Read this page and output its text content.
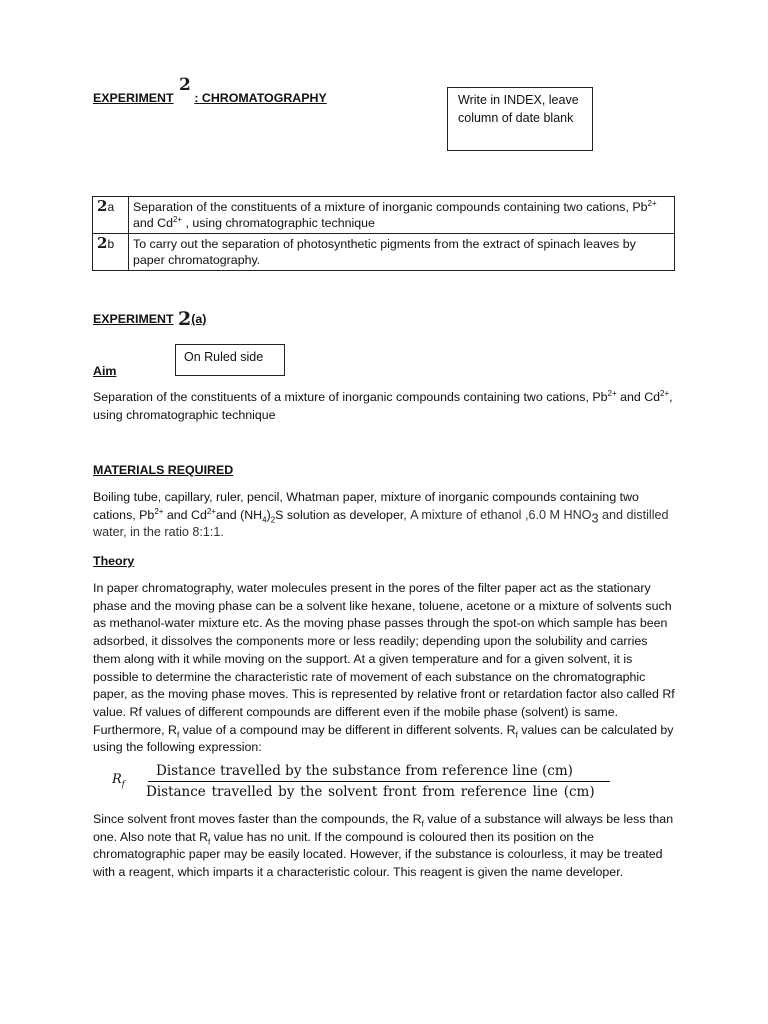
EXPERIMENT 2 : CHROMATOGRAPHY	Write in INDEX, leave column of date blank
2a	Separation of the constituents of a mixture of inorganic compounds containing two cations, $Pb^{2+}$ and $Cd^{2+}$ , using chromatographic technique
2b	To carry out the separation of photosynthetic pigments from the extract of spinach leaves by paper chromatography.
EXPERIMENT 2(a)
On Ruled side
Aim
Separation of the constituents of a mixture of inorganic compounds containing two cations, $Pb^{2+}$ and $Cd^{2+}$, using chromatographic technique
MATERIALS REQUIRED
Boiling tube, capillary, ruler, pencil, Whatman paper, mixture of inorganic compounds containing two cations, $Pb^{2+}$ and $Cd^{2+}and$ $(NH_4)_2S$ solution as developer, A mixture of ethanol ,6.0 M $HNO_3$ and distilled water, in the ratio 8:1:1.
Theory
In paper chromatography, water molecules present in the pores of the filter paper act as the stationary phase and the moving phase can be a solvent like hexane, toluene, acetone or a mixture of solvents such as methanol-water mixture etc. As the moving phase passes through the spot-on which sample has been adsorbed, it dissolves the components more or less readily; depending upon the solubility and carries them along with it while moving on the support. At a given temperature and for a given solvent, it is possible to determine the characteristic rate of movement of each substance on the chromatographic paper, as the moving phase moves. This is represented by relative front or retardation factor also called Rf value. Rf values of different compounds are different even if the mobile phase (solvent) is same. Furthermore, $R_f$ value of a compound may be different in different solvents. $R_f$ values can be calculated by using the following expression:
$R_f$
Distance travelled by the substance from reference line (cm)
Distance travelled by the solvent front from reference line (cm)
Since solvent front moves faster than the compounds, the $R_f$ value of a substance will always be less than one. Also note that $R_f$ value has no unit. If the compound is coloured then its position on the chromatographic paper may be easily located. However, if the substance is colourless, it may be treated with a reagent, which imparts it a characteristic colour. This reagent is given the name developer.
